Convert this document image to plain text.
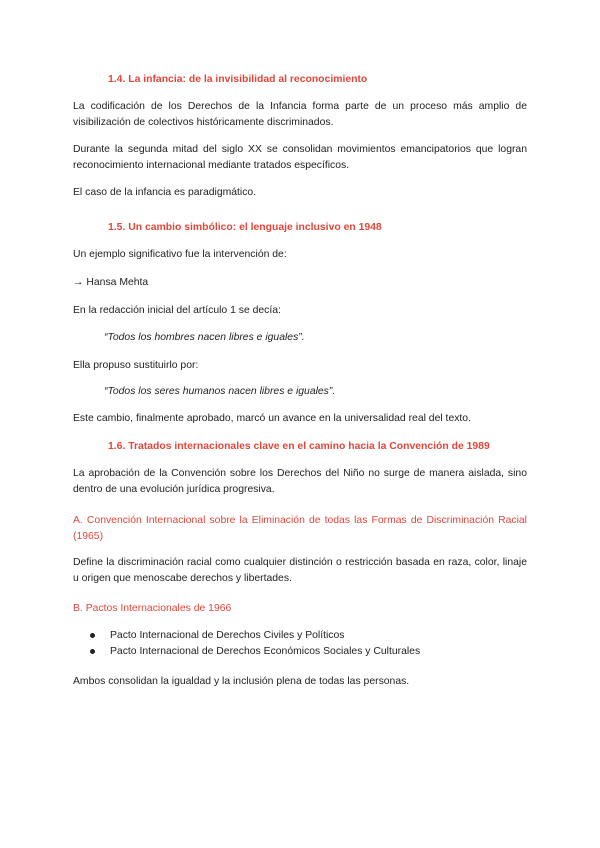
1.4. La infancia: de la invisibilidad al reconocimiento

La codificación de los Derechos de la Infancia forma parte de un proceso más amplio de visibilización de colectivos históricamente discriminados.

Durante la segunda mitad del siglo XX se consolidan movimientos emancipatorios que logran reconocimiento internacional mediante tratados específicos.

El caso de la infancia es paradigmático.

1.5. Un cambio simbólico: el lenguaje inclusivo en 1948

Un ejemplo significativo fue la intervención de:

→ Hansa Mehta

En la redacción inicial del artículo 1 se decía:

“Todos los hombres nacen libres e iguales”.

Ella propuso sustituirlo por:

“Todos los seres humanos nacen libres e iguales”.

Este cambio, finalmente aprobado, marcó un avance en la universalidad real del texto.

1.6. Tratados internacionales clave en el camino hacia la Convención de 1989

La aprobación de la Convención sobre los Derechos del Niño no surge de manera aislada, sino dentro de una evolución jurídica progresiva.

A. Convención Internacional sobre la Eliminación de todas las Formas de Discriminación Racial (1965)

Define la discriminación racial como cualquier distinción o restricción basada en raza, color, linaje u origen que menoscabe derechos y libertades.

B. Pactos Internacionales de 1966

Pacto Internacional de Derechos Civiles y Políticos
Pacto Internacional de Derechos Económicos Sociales y Culturales

Ambos consolidan la igualdad y la inclusión plena de todas las personas.
